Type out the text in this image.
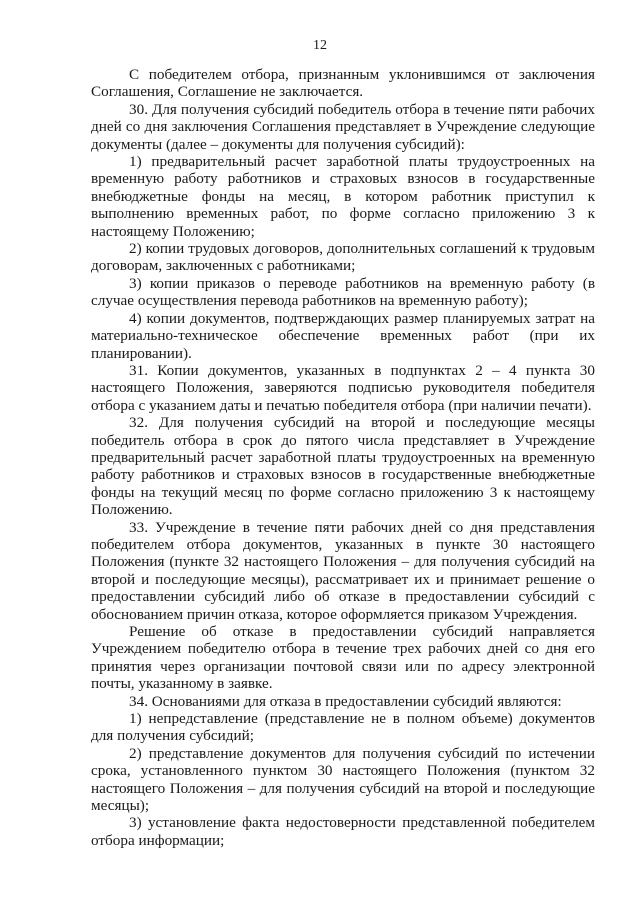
12

С победителем отбора, признанным уклонившимся от заключения Соглашения, Соглашение не заключается.

30. Для получения субсидий победитель отбора в течение пяти рабочих дней со дня заключения Соглашения представляет в Учреждение следующие документы (далее – документы для получения субсидий):

1) предварительный расчет заработной платы трудоустроенных на временную работу работников и страховых взносов в государственные внебюджетные фонды на месяц, в котором работник приступил к выполнению временных работ, по форме согласно приложению 3 к настоящему Положению;

2) копии трудовых договоров, дополнительных соглашений к трудовым договорам, заключенных с работниками;

3) копии приказов о переводе работников на временную работу (в случае осуществления перевода работников на временную работу);

4) копии документов, подтверждающих размер планируемых затрат на материально-техническое обеспечение временных работ (при их планировании).

31. Копии документов, указанных в подпунктах 2 – 4 пункта 30 настоящего Положения, заверяются подписью руководителя победителя отбора с указанием даты и печатью победителя отбора (при наличии печати).

32. Для получения субсидий на второй и последующие месяцы победитель отбора в срок до пятого числа представляет в Учреждение предварительный расчет заработной платы трудоустроенных на временную работу работников и страховых взносов в государственные внебюджетные фонды на текущий месяц по форме согласно приложению 3 к настоящему Положению.

33. Учреждение в течение пяти рабочих дней со дня представления победителем отбора документов, указанных в пункте 30 настоящего Положения (пункте 32 настоящего Положения – для получения субсидий на второй и последующие месяцы), рассматривает их и принимает решение о предоставлении субсидий либо об отказе в предоставлении субсидий с обоснованием причин отказа, которое оформляется приказом Учреждения.

Решение об отказе в предоставлении субсидий направляется Учреждением победителю отбора в течение трех рабочих дней со дня его принятия через организации почтовой связи или по адресу электронной почты, указанному в заявке.

34. Основаниями для отказа в предоставлении субсидий являются:

1) непредставление (представление не в полном объеме) документов для получения субсидий;

2) представление документов для получения субсидий по истечении срока, установленного пунктом 30 настоящего Положения (пунктом 32 настоящего Положения – для получения субсидий на второй и последующие месяцы);

3) установление факта недостоверности представленной победителем отбора информации;
